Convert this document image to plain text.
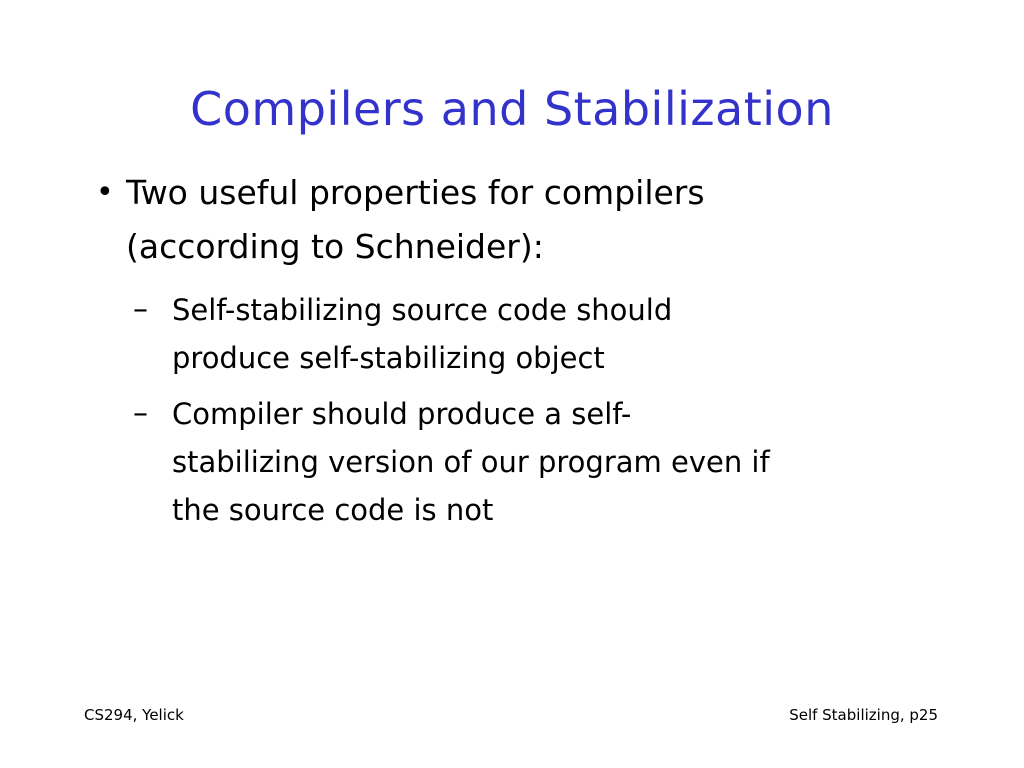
Compilers and Stabilization
• Two useful properties for compilers
(according to Schneider):
– Self-stabilizing source code should
produce self-stabilizing object
– Compiler should produce a self-
stabilizing version of our program even if
the source code is not
CS294, Yelick	Self Stabilizing, p25
